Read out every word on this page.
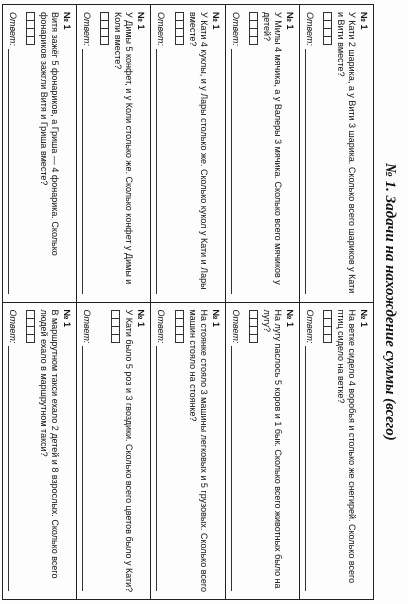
№ 1. Задачи на нахождение суммы (всего)
№ 1
У Кати 2 шарика, а у Вити 3 шарика. Сколько всего шариков у Кати и Вити вместе?
Ответ:
№ 1
На ветке сидело 4 воробья и столько же снегирей. Сколько всего птиц сидело на ветке?
Ответ:
№ 1
У Милы 4 мячика, а у Валеры 3 мячика. Сколько всего мячиков у детей?
Ответ:
№ 1
На лугу паслось 5 коров и 1 бык. Сколько всего животных было на лугу?
Ответ:
№ 1
У Кати 4 куклы, и у Лары столько же. Сколько кукол у Кати и Лары вместе?
Ответ:
№ 1
На стоянке стояло 3 машины легковых и 5 грузовых. Сколько всего машин стояло на стоянке?
Ответ:
№ 1
У Димы 5 конфет, и у Коли столько же. Сколько конфет у Димы и Коли вместе?
Ответ:
№ 1
У Кати было 5 роз и 3 гвоздики. Сколько всего цветов было у Кати?
Ответ:
№ 1
Витя зажёг 5 фонариков, а Гриша — 4 фонарика. Сколько фонариков зажгли Витя и Гриша вместе?
Ответ:
№ 1
В маршрутном такси ехало 2 детей и 8 взрослых. Сколько всего людей ехало в маршрутном такси?
Ответ:
